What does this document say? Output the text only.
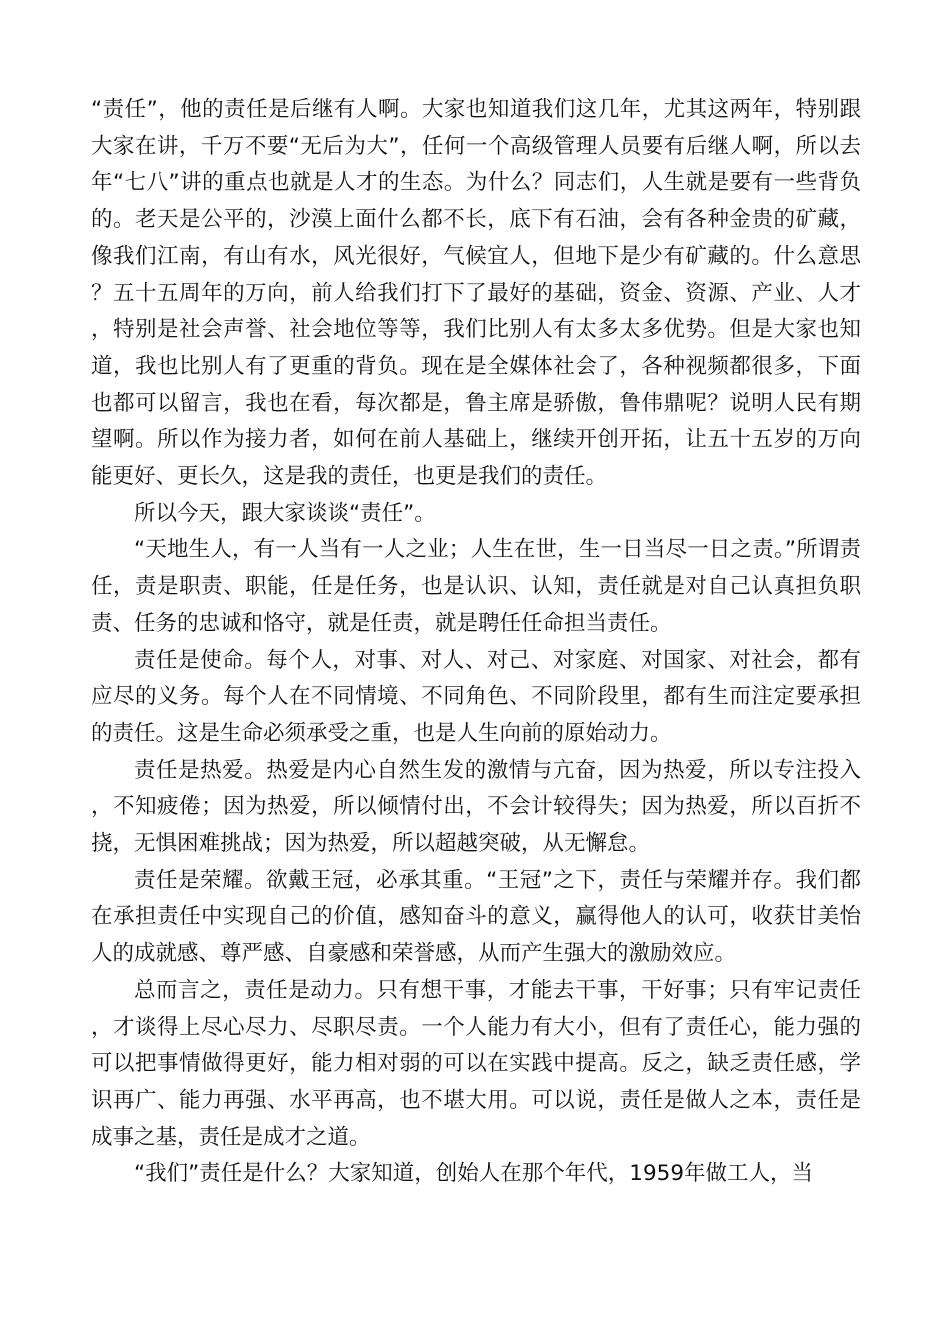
“责任”，他的责任是后继有人啊。大家也知道我们这几年，尤其这两年，特别跟大家在讲，千万不要“无后为大”，任何一个高级管理人员要有后继人啊，所以去年“七八”讲的重点也就是人才的生态。为什么？同志们，人生就是要有一些背负的。老天是公平的，沙漠上面什么都不长，底下有石油，会有各种金贵的矿藏，像我们江南，有山有水，风光很好，气候宜人，但地下是少有矿藏的。什么意思？五十五周年的万向，前人给我们打下了最好的基础，资金、资源、产业、人才，特别是社会声誉、社会地位等等，我们比别人有太多太多优势。但是大家也知道，我也比别人有了更重的背负。现在是全媒体社会了，各种视频都很多，下面也都可以留言，我也在看，每次都是，鲁主席是骄傲，鲁伟鼎呢？说明人民有期望啊。所以作为接力者，如何在前人基础上，继续开创开拓，让五十五岁的万向能更好、更长久，这是我的责任，也更是我们的责任。

所以今天，跟大家谈谈“责任”。

“天地生人，有一人当有一人之业；人生在世，生一日当尽一日之责。”所谓责任，责是职责、职能，任是任务，也是认识、认知，责任就是对自己认真担负职责、任务的忠诚和恪守，就是任责，就是聘任任命担当责任。

责任是使命。每个人，对事、对人、对己、对家庭、对国家、对社会，都有应尽的义务。每个人在不同情境、不同角色、不同阶段里，都有生而注定要承担的责任。这是生命必须承受之重，也是人生向前的原始动力。

责任是热爱。热爱是内心自然生发的激情与亢奋，因为热爱，所以专注投入，不知疲倦；因为热爱，所以倾情付出，不会计较得失；因为热爱，所以百折不挠，无惧困难挑战；因为热爱，所以超越突破，从无懈怠。

责任是荣耀。欲戴王冠，必承其重。“王冠”之下，责任与荣耀并存。我们都在承担责任中实现自己的价值，感知奋斗的意义，赢得他人的认可，收获甘美怡人的成就感、尊严感、自豪感和荣誉感，从而产生强大的激励效应。

总而言之，责任是动力。只有想干事，才能去干事，干好事；只有牢记责任，才谈得上尽心尽力、尽职尽责。一个人能力有大小，但有了责任心，能力强的可以把事情做得更好，能力相对弱的可以在实践中提高。反之，缺乏责任感，学识再广、能力再强、水平再高，也不堪大用。可以说，责任是做人之本，责任是成事之基，责任是成才之道。

“我们”责任是什么？大家知道，创始人在那个年代，1959年做工人，当
